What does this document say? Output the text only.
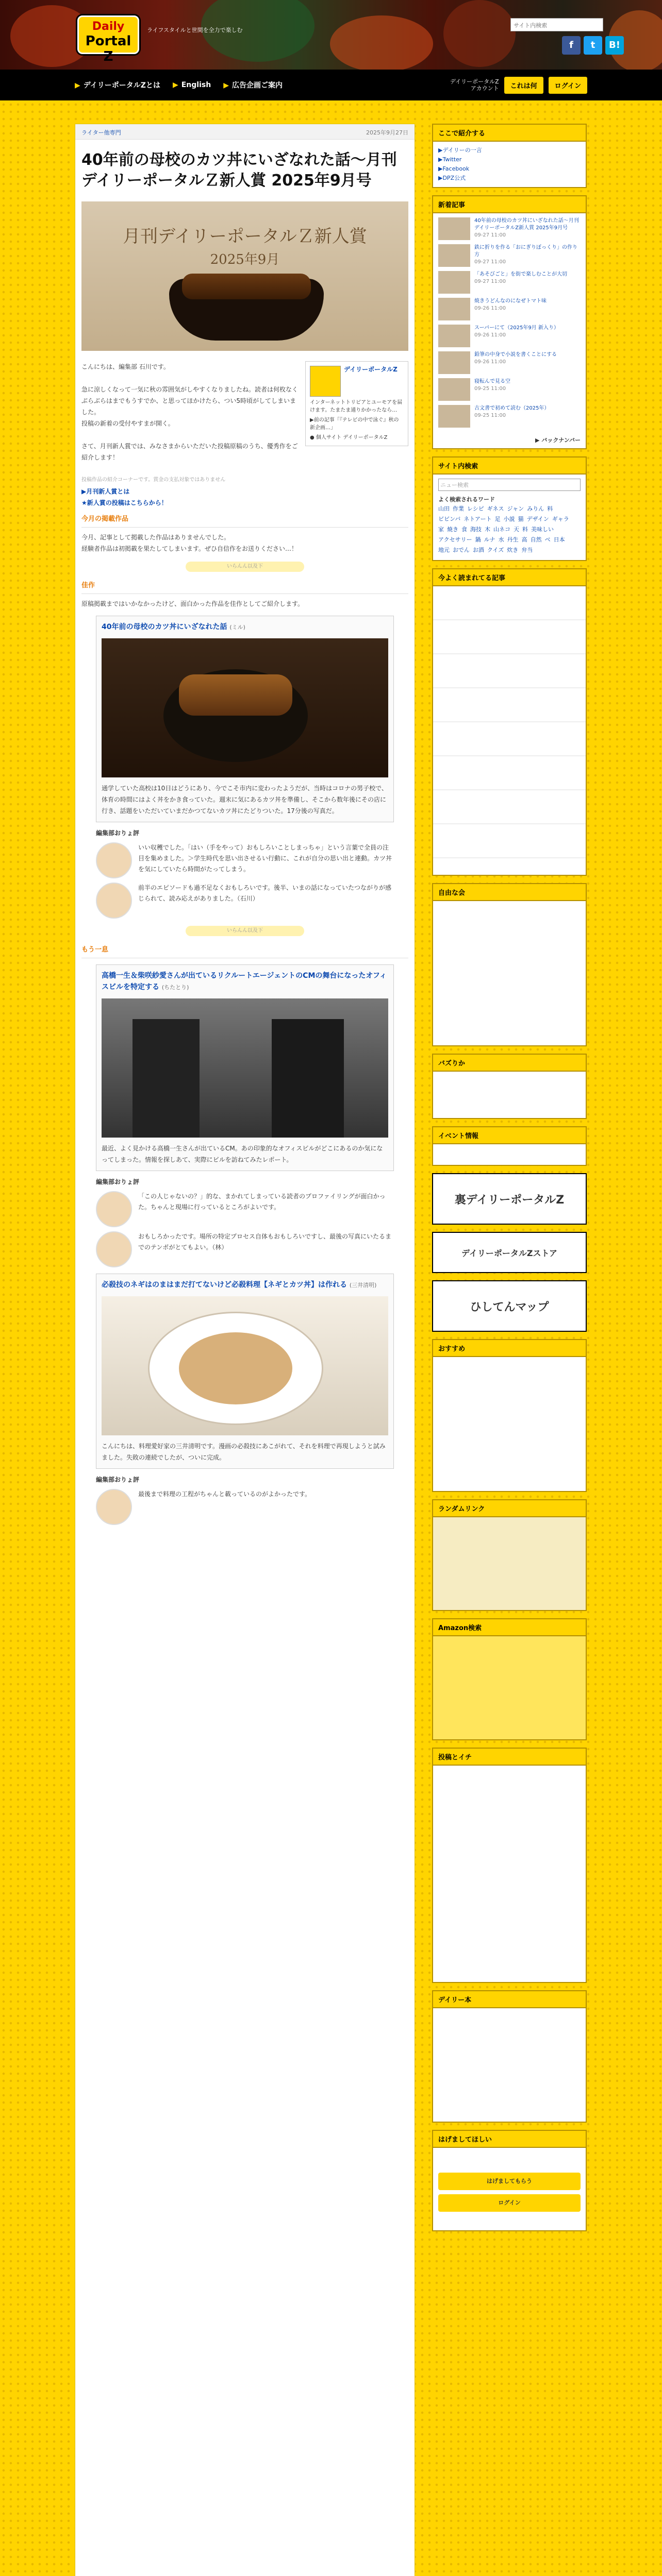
Daily
Portal Z
ライフスタイルと世間を全力で楽しむ
サイト内検索
f	t	B!
▶ デイリーポータルZとは ▶ English ▶ 広告企画ご案内	デイリーポータルZ
アカウント	これは何	ログイン
ライター他専門	2025年9月27日
40年前の母校のカツ丼にいざなれた話〜月刊デイリーポータルＺ新人賞 2025年9月号
月刊デイリーポータルＺ新人賞
2025年9月

こんにちは、編集部 石川です。

急に涼しくなって一気に秋の雰囲気がしやすくなりましたね。読者は何枚なくぶらぶらはまでもうすでか、と思ってほかけたら、つい5時頃がしてしまいました。

投稿の新着の受付やすまが開く。

さて、月刊新人賞では、みなさまからいただいた投稿原稿のうち、優秀作をご紹介します！

投稿作品の紹介コーナーです。賞金の支払対象ではありません

▶月刊新人賞とは

★新人賞の投稿はこちらから！

デイリーポータルZ
インターネットトリビアとユーモアを届けます。たまたま通りかかったなら…
▶前の記事「『テレビの中で泳ぐ』秋の新企画…」
● 個人サイト デイリーポータルZ
今月の掲載作品

今月、記事として掲載した作品はありませんでした。

経験者作品は初掲載を果たしてしまいます。ぜひ自信作をお送りください…！

いらんん以及下
佳作

原稿掲載まではいかなかったけど、面白かった作品を佳作としてご紹介します。

40年前の母校のカツ丼にいざなれた話 (ミル)
通学していた高校は10日はどうにあり、今でこそ市内に変わったようだが、当時はコロナの男子校で、体育の時間にはよく丼をかき食っていた。週末に気にあるカツ丼を準備し、そこから数年後にその店に行き、話題をいただいていまだかつてないカツ丼にたどりついた。17分後の写真だ。
編集部おりょ評

いい収穫でした。「はい（手をやって）おもしろいことしまっちゃ」という言葉で全員の注目を集めました。＞学生時代を思い出させるい行動に、これが自分の思い出と連動。カツ丼を気にしていたら時間がたってしまう。

前半のエピソードも過不足なくおもしろいです。後半、いまの話になっていたつながりが感じられて、読み応えがありました。（石川）

いらんん以及下
もう一息
高橋一生＆柴咲紗愛さんが出ているリクルートエージェントのCMの舞台になったオフィスビルを特定する (ちたとり)
最近、よく見かける高橋一生さんが出ているCM。あの印象的なオフィスビルがどこにあるのか気になってしまった。情報を探しあて、実際にビルを訪ねてみたレポート。
編集部おりょ評

「この人じゃないの？」的な、まかれてしまっている読者のプロファイリングが面白かった。ちゃんと現場に行っているところがよいです。

おもしろかったです。場所の特定プロセス自体もおもしろいですし、最後の写真にいたるまでのテンポがとてもよい。（林）

必殺技のネギはのまはまだ打てないけど必殺料理【ネギとカツ丼】は作れる (三井清明)
こんにちは、料理愛好家の三井清明です。漫画の必殺技にあこがれて、それを料理で再現しようと試みました。失敗の連続でしたが、ついに完成。
編集部おりょ評

最後まで料理の工程がちゃんと載っているのがよかったです。

ここで紹介する
▶デイリーの一言
▶Twitter
▶Facebook
▶DPZ公式
新着記事
40年前の母校のカツ丼にいざなれた話〜月刊デイリーポータルZ新人賞 2025年9月号
09-27 11:00
鉄に折りを作る「おにぎりぼっくり」の作り方
09-27 11:00
「あそびごと」を街で楽しむことが大切
09-27 11:00
焼きうどんなのになぜトマト味
09-26 11:00
スーパーにて（2025年9月 新入り）
09-26 11:00
鉛筆の中身で小説を書くことにする
09-26 11:00
寝転んで見る空
09-25 11:00
古文書で初めて読む（2025年）
09-25 11:00
▶ バックナンバー
サイト内検索
ニュー検索
よく検索されるワード
山田 作業 レシピ ギネス ジャン みりん 料ビビンバ ネトアート 足 小説 猫 デザイン ギャラ家 焼き 食 海技 木 山ネコ 天 料 美味しいアクセサリー 鍋 ルナ 水 丹生 高 自然 ベ 日本地元 おでん お酒 クイズ 炊き 弁当
今よく読まれてる記事
自由な会
バズりか
イベント情報
裏デイリーポータルZ
デイリーポータルZストア
ひしてんマップ
おすすめ
ランダムリンク
Amazon検索
投稿とイチ
デイリー本
はげましてほしい
はげましてもらう
ログイン
